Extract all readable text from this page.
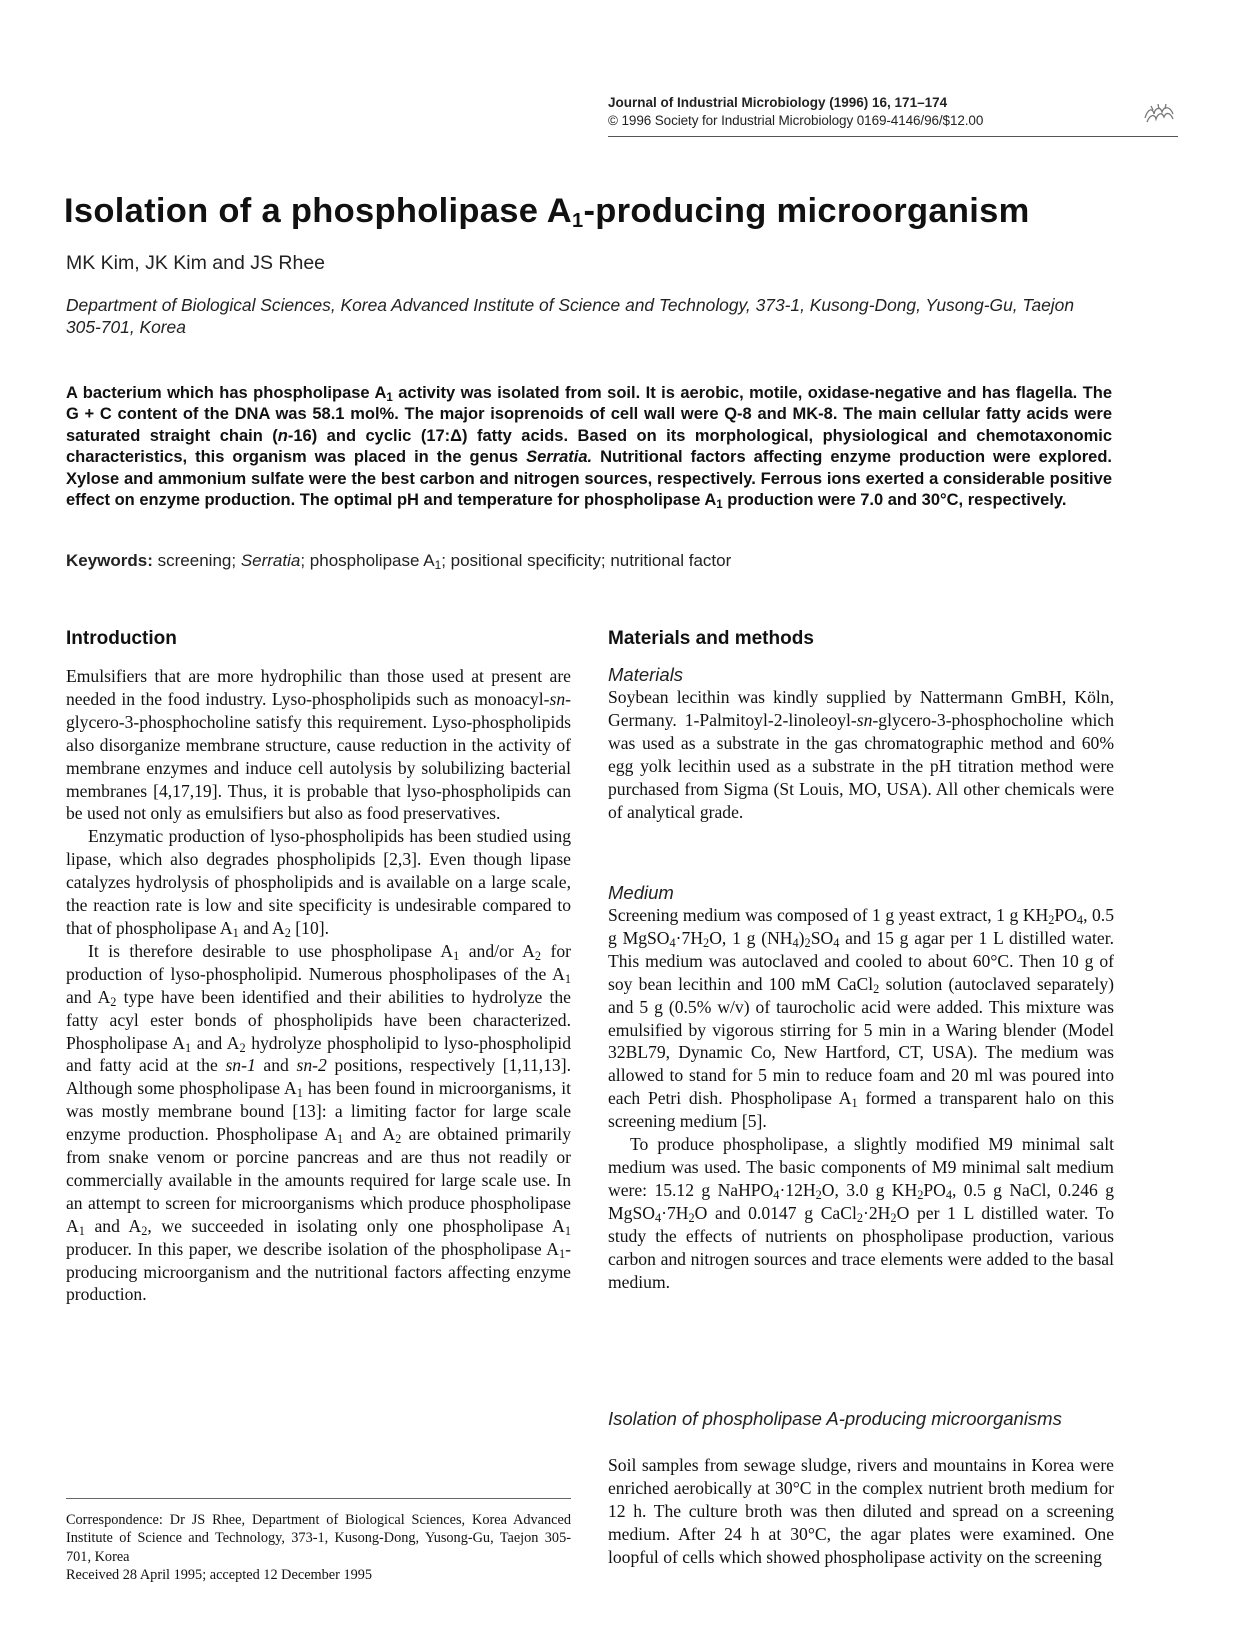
Journal of Industrial Microbiology (1996) 16, 171–174
© 1996 Society for Industrial Microbiology 0169-4146/96/$12.00
Isolation of a phospholipase $A_1$-producing microorganism
MK Kim, JK Kim and JS Rhee
Department of Biological Sciences, Korea Advanced Institute of Science and Technology, 373-1, Kusong-Dong, Yusong-Gu, Taejon 305-701, Korea
A bacterium which has phospholipase $A_1$ activity was isolated from soil. It is aerobic, motile, oxidase-negative and has flagella. The G + C content of the DNA was 58.1 mol%. The major isoprenoids of cell wall were Q-8 and MK-8. The main cellular fatty acids were saturated straight chain (n-16) and cyclic (17:Δ) fatty acids. Based on its morphological, physiological and chemotaxonomic characteristics, this organism was placed in the genus Serratia. Nutritional factors affecting enzyme production were explored. Xylose and ammonium sulfate were the best carbon and nitrogen sources, respectively. Ferrous ions exerted a considerable positive effect on enzyme production. The optimal pH and temperature for phospholipase $A_1$ production were 7.0 and 30°C, respectively.
Keywords: screening; Serratia; phospholipase $A_1$; positional specificity; nutritional factor
Introduction

Emulsifiers that are more hydrophilic than those used at present are needed in the food industry. Lyso-phospholipids such as monoacyl-sn-glycero-3-phosphocholine satisfy this requirement. Lyso-phospholipids also disorganize membrane structure, cause reduction in the activity of membrane enzymes and induce cell autolysis by solubilizing bacterial membranes [4,17,19]. Thus, it is probable that lyso-phospholipids can be used not only as emulsifiers but also as food preservatives.

Enzymatic production of lyso-phospholipids has been studied using lipase, which also degrades phospholipids [2,3]. Even though lipase catalyzes hydrolysis of phospholipids and is available on a large scale, the reaction rate is low and site specificity is undesirable compared to that of phospholipase $A_1$ and $A_2$ [10].

It is therefore desirable to use phospholipase $A_1$ and/or $A_2$ for production of lyso-phospholipid. Numerous phospholipases of the $A_1$ and $A_2$ type have been identified and their abilities to hydrolyze the fatty acyl ester bonds of phospholipids have been characterized. Phospholipase $A_1$ and $A_2$ hydrolyze phospholipid to lyso-phospholipid and fatty acid at the sn-1 and sn-2 positions, respectively [1,11,13]. Although some phospholipase $A_1$ has been found in microorganisms, it was mostly membrane bound [13]: a limiting factor for large scale enzyme production. Phospholipase $A_1$ and $A_2$ are obtained primarily from snake venom or porcine pancreas and are thus not readily or commercially available in the amounts required for large scale use. In an attempt to screen for microorganisms which produce phospholipase $A_1$ and $A_2$, we succeeded in isolating only one phospholipase $A_1$ producer. In this paper, we describe isolation of the phospholipase $A_1$-producing microorganism and the nutritional factors affecting enzyme production.

Correspondence: Dr JS Rhee, Department of Biological Sciences, Korea Advanced Institute of Science and Technology, 373-1, Kusong-Dong, Yusong-Gu, Taejon 305-701, Korea
Received 28 April 1995; accepted 12 December 1995
Materials and methods
Materials

Soybean lecithin was kindly supplied by Nattermann GmBH, Köln, Germany. 1-Palmitoyl-2-linoleoyl-sn-glycero-3-phosphocholine which was used as a substrate in the gas chromatographic method and 60% egg yolk lecithin used as a substrate in the pH titration method were purchased from Sigma (St Louis, MO, USA). All other chemicals were of analytical grade.

Medium

Screening medium was composed of 1 g yeast extract, 1 g $KH_2PO_4$, 0.5 g $MgSO_4\cdot 7H_2O$, 1 g $(NH_4)_2SO_4$ and 15 g agar per 1 L distilled water. This medium was autoclaved and cooled to about 60°C. Then 10 g of soy bean lecithin and 100 mM CaCl$_2$ solution (autoclaved separately) and 5 g (0.5% w/v) of taurocholic acid were added. This mixture was emulsified by vigorous stirring for 5 min in a Waring blender (Model 32BL79, Dynamic Co, New Hartford, CT, USA). The medium was allowed to stand for 5 min to reduce foam and 20 ml was poured into each Petri dish. Phospholipase $A_1$ formed a transparent halo on this screening medium [5].

To produce phospholipase, a slightly modified M9 minimal salt medium was used. The basic components of M9 minimal salt medium were: 15.12 g $NaHPO_4\cdot 12H_2O$, 3.0 g $KH_2PO_4$, 0.5 g NaCl, 0.246 g $MgSO_4\cdot 7H_2O$ and 0.0147 g $CaCl_2\cdot 2H_2O$ per 1 L distilled water. To study the effects of nutrients on phospholipase production, various carbon and nitrogen sources and trace elements were added to the basal medium.

Isolation of phospholipase A-producing microorganisms

Soil samples from sewage sludge, rivers and mountains in Korea were enriched aerobically at 30°C in the complex nutrient broth medium for 12 h. The culture broth was then diluted and spread on a screening medium. After 24 h at 30°C, the agar plates were examined. One loopful of cells which showed phospholipase activity on the screening
